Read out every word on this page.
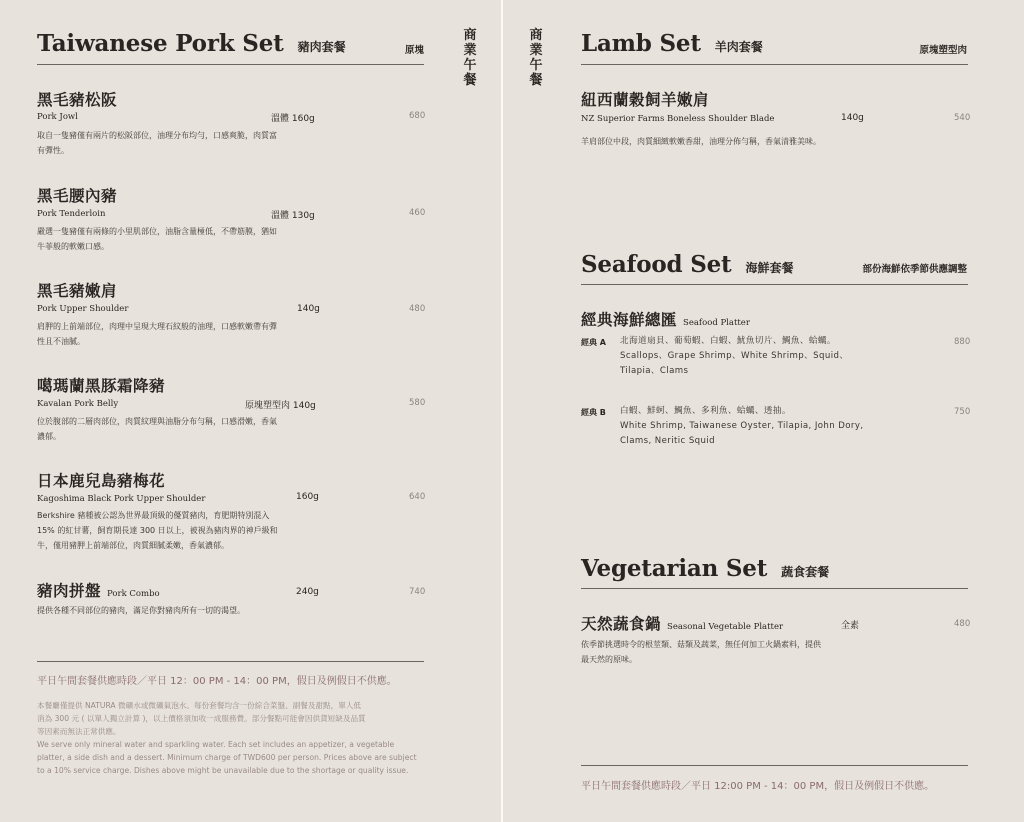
Taiwanese Pork Set 豬肉套餐	原塊
商
業
午
餐
黑毛豬松阪
Pork Jowl	溫體 160g	680
取自一隻豬僅有兩片的松阪部位，油理分布均勻，口感爽脆，肉質富
有彈性。
黑毛腰內豬
Pork Tenderloin	溫體 130g	460
嚴選一隻豬僅有兩條的小里肌部位，油脂含量極低，不帶筋膜，猶如
牛菲般的軟嫩口感。
黑毛豬嫩肩
Pork Upper Shoulder	140g	480
肩胛的上前端部位，肉理中呈現大理石紋般的油理，口感軟嫩帶有彈
性且不油膩。
噶瑪蘭黑豚霜降豬
Kavalan Pork Belly	原塊塑型肉 140g	580
位於腹部的二層肉部位，肉質紋理與油脂分布勻稱，口感滑嫩，香氣
濃郁。
日本鹿兒島豬梅花
Kagoshima Black Pork Upper Shoulder	160g	640
Berkshire 豬種被公認為世界最頂級的優質豬肉，育肥期特別混入
15% 的紅甘薯，飼育期長達 300 日以上，被視為豬肉界的神戶級和
牛，僅用豬胛上前端部位，肉質細膩柔嫩，香氣濃郁。
豬肉拼盤 Pork Combo	240g	740
提供各種不同部位的豬肉，滿足你對豬肉所有一切的渴望。
平日午間套餐供應時段／平日 12：00 PM - 14：00 PM，假日及例假日不供應。
本餐廳僅提供 NATURA 微礦水或微礦氣泡水。每份套餐均含一份綜合菜盤、副餐及甜點，單人低
消為 300 元 ( 以單人獨立計算 )，以上價格須加收一成服務費。部分餐點可能會因供貨短缺及品質
等因素而無法正常供應。
We serve only mineral water and sparkling water. Each set includes an appetizer, a vegetable
platter, a side dish and a dessert. Minimum charge of TWD600 per person. Prices above are subject
to a 10% service charge. Dishes above might be unavailable due to the shortage or quality issue.
商
業
午
餐
Lamb Set 羊肉套餐	原塊塑型肉
紐西蘭穀飼羊嫩肩
NZ Superior Farms Boneless Shoulder Blade	140g	540
羊肩部位中段，肉質細緻軟嫩香甜，油理分佈勻稱，香氣清雅美味。
Seafood Set 海鮮套餐	部份海鮮依季節供應調整
經典海鮮總匯 Seafood Platter
經典 A 北海道扇貝、葡萄蝦、白蝦、魷魚切片、鯛魚、蛤蠣。
Scallops、Grape Shrimp、White Shrimp、Squid、
Tilapia、Clams
880
經典 B 白蝦、鮮蚵、鯛魚、多利魚、蛤蠣、透抽。
White Shrimp, Taiwanese Oyster, Tilapia, John Dory,
Clams, Neritic Squid
750
Vegetarian Set 蔬食套餐
天然蔬食鍋 Seasonal Vegetable Platter	全素	480
依季節挑選時令的根莖類、菇類及蔬菜，無任何加工火鍋素料，提供
最天然的原味。
平日午間套餐供應時段／平日 12:00 PM - 14：00 PM，假日及例假日不供應。
